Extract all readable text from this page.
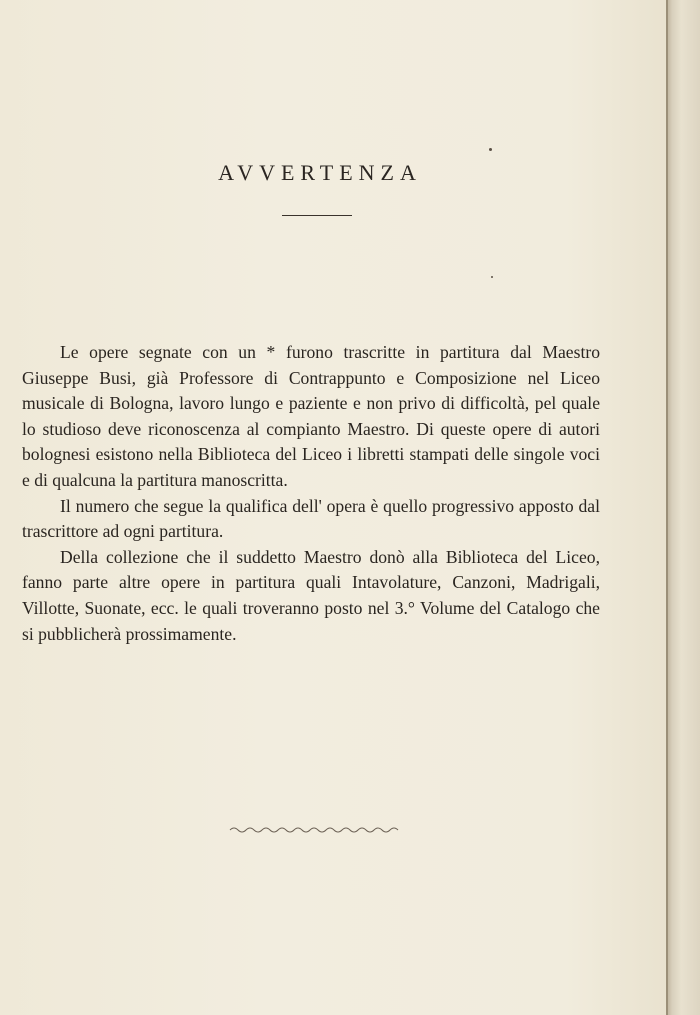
AVVERTENZA

Le opere segnate con un * furono trascritte in partitura dal Maestro Giuseppe Busi, già Professore di Contrappunto e Composizione nel Liceo musicale di Bologna, lavoro lungo e paziente e non privo di difficoltà, pel quale lo studioso deve riconoscenza al compianto Maestro. Di queste opere di autori bolognesi esistono nella Biblioteca del Liceo i libretti stampati delle singole voci e di qualcuna la partitura manoscritta.

Il numero che segue la qualifica dell' opera è quello progressivo apposto dal trascrittore ad ogni partitura.

Della collezione che il suddetto Maestro donò alla Biblioteca del Liceo, fanno parte altre opere in partitura quali Intavolature, Canzoni, Madrigali, Villotte, Suonate, ecc. le quali troveranno posto nel 3.° Volume del Catalogo che si pubblicherà prossimamente.
